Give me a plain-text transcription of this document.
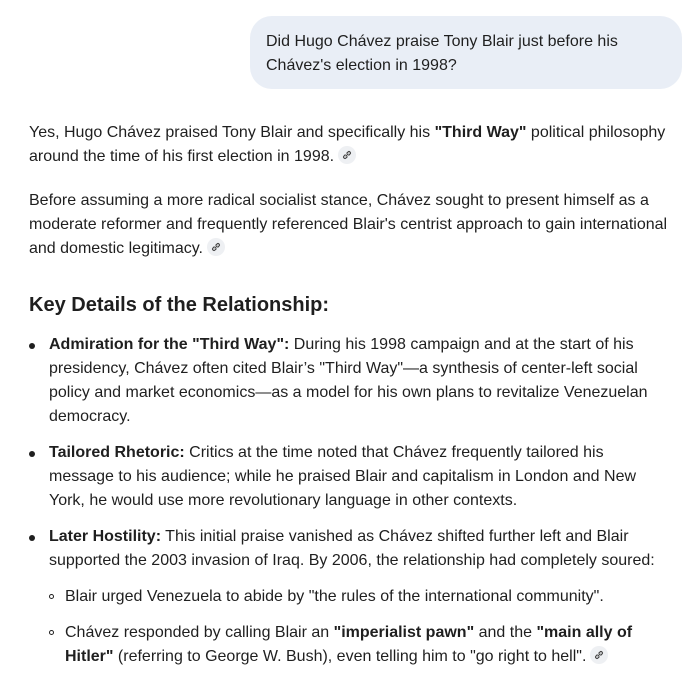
Did Hugo Chávez praise Tony Blair just before his
Chávez's election in 1998?

Yes, Hugo Chávez praised Tony Blair and specifically his "Third Way" political philosophy around the time of his first election in 1998.

Before assuming a more radical socialist stance, Chávez sought to present himself as a moderate reformer and frequently referenced Blair's centrist approach to gain international and domestic legitimacy.

Key Details of the Relationship:
Admiration for the "Third Way": During his 1998 campaign and at the start of his presidency, Chávez often cited Blair’s "Third Way"—a synthesis of center-left social policy and market economics—as a model for his own plans to revitalize Venezuelan democracy.
Tailored Rhetoric: Critics at the time noted that Chávez frequently tailored his message to his audience; while he praised Blair and capitalism in London and New York, he would use more revolutionary language in other contexts.
Later Hostility: This initial praise vanished as Chávez shifted further left and Blair supported the 2003 invasion of Iraq. By 2006, the relationship had completely soured:
Blair urged Venezuela to abide by "the rules of the international community".
Chávez responded by calling Blair an "imperialist pawn" and the "main ally of Hitler" (referring to George W. Bush), even telling him to "go right to hell".
